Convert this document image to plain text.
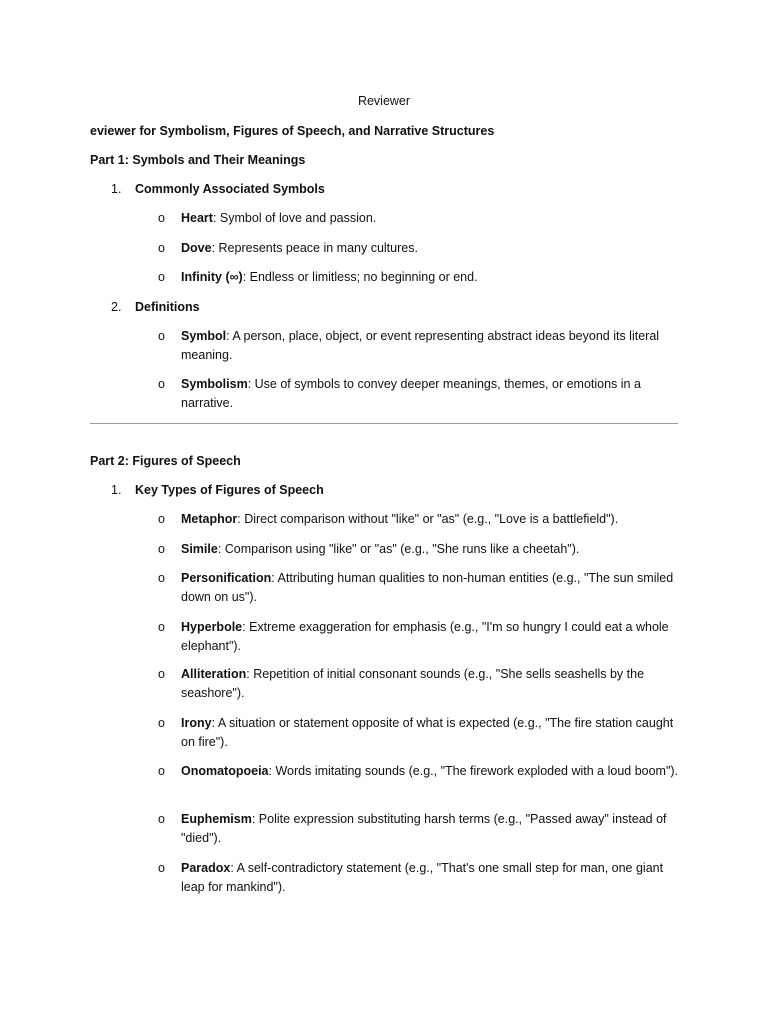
Reviewer
eviewer for Symbolism, Figures of Speech, and Narrative Structures
Part 1: Symbols and Their Meanings
1. Commonly Associated Symbols
o Heart: Symbol of love and passion.
o Dove: Represents peace in many cultures.
o Infinity (∞): Endless or limitless; no beginning or end.
2. Definitions
o Symbol: A person, place, object, or event representing abstract ideas beyond its literal meaning.
o Symbolism: Use of symbols to convey deeper meanings, themes, or emotions in a narrative.
Part 2: Figures of Speech
1. Key Types of Figures of Speech
o Metaphor: Direct comparison without "like" or "as" (e.g., "Love is a battlefield").
o Simile: Comparison using "like" or "as" (e.g., "She runs like a cheetah").
o Personification: Attributing human qualities to non-human entities (e.g., "The sun smiled down on us").
o Hyperbole: Extreme exaggeration for emphasis (e.g., "I'm so hungry I could eat a whole elephant").
o Alliteration: Repetition of initial consonant sounds (e.g., "She sells seashells by the seashore").
o Irony: A situation or statement opposite of what is expected (e.g., "The fire station caught on fire").
o Onomatopoeia: Words imitating sounds (e.g., "The firework exploded with a loud boom").
o Euphemism: Polite expression substituting harsh terms (e.g., "Passed away" instead of "died").
o Paradox: A self-contradictory statement (e.g., "That's one small step for man, one giant leap for mankind").
